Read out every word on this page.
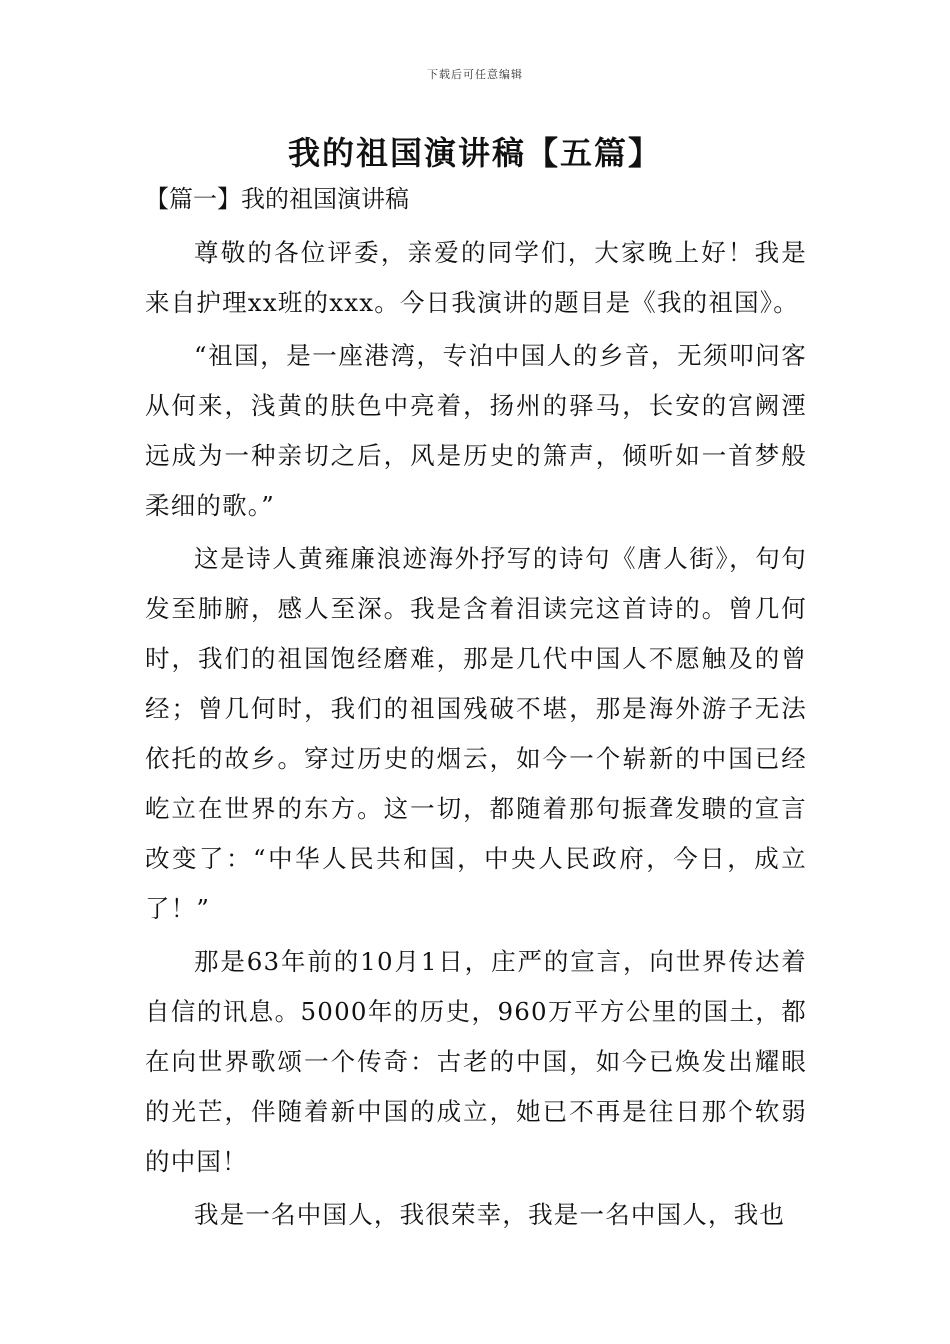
下载后可任意编辑
我的祖国演讲稿【五篇】
【篇一】我的祖国演讲稿

尊敬的各位评委，亲爱的同学们，大家晚上好！我是来自护理xx班的xxx。今日我演讲的题目是《我的祖国》。

“祖国，是一座港湾，专泊中国人的乡音，无须叩问客从何来，浅黄的肤色中亮着，扬州的驿马，长安的宫阙湮远成为一种亲切之后，风是历史的箫声，倾听如一首梦般柔细的歌。”

这是诗人黄雍廉浪迹海外抒写的诗句《唐人街》，句句发至肺腑，感人至深。我是含着泪读完这首诗的。曾几何时，我们的祖国饱经磨难，那是几代中国人不愿触及的曾经；曾几何时，我们的祖国残破不堪，那是海外游子无法依托的故乡。穿过历史的烟云，如今一个崭新的中国已经屹立在世界的东方。这一切，都随着那句振聋发聩的宣言改变了：“中华人民共和国，中央人民政府，今日，成立了！”

那是63年前的10月1日，庄严的宣言，向世界传达着自信的讯息。5000年的历史，960万平方公里的国土，都在向世界歌颂一个传奇：古老的中国，如今已焕发出耀眼的光芒，伴随着新中国的成立，她已不再是往日那个软弱的中国！

我是一名中国人，我很荣幸，我是一名中国人，我也
